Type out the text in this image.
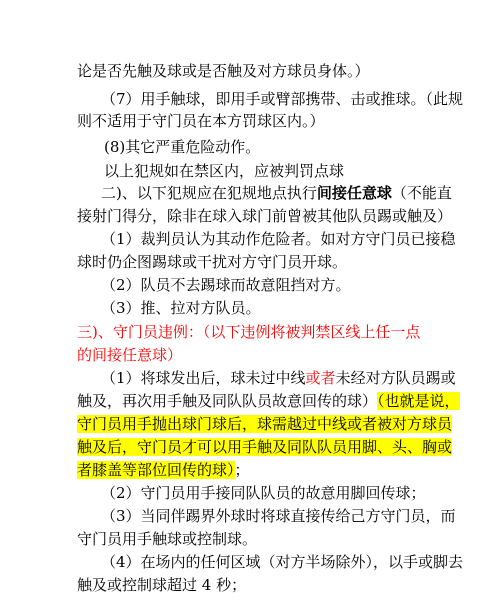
论是否先触及球或是否触及对方球员身体。）
（7）用手触球，即用手或臂部携带、击或推球。（此规
则不适用于守门员在本方罚球区内。）
(8)其它严重危险动作。
以上犯规如在禁区内，应被判罚点球
二)、以下犯规应在犯规地点执行间接任意球（不能直
接射门得分，除非在球入球门前曾被其他队员踢或触及）
（1）裁判员认为其动作危险者。如对方守门员已接稳
球时仍企图踢球或干扰对方守门员开球。
（2）队员不去踢球而故意阻挡对方。
（3）推、拉对方队员。
三)、守门员违例：（以下违例将被判禁区线上任一点
的间接任意球）
（1）将球发出后，球未过中线或者未经对方队员踢或
触及，再次用手触及同队队员故意回传的球）（也就是说，
守门员用手抛出球门球后，球需越过中线或者被对方球员
触及后，守门员才可以用手触及同队队员用脚、头、胸或
者膝盖等部位回传的球）；
（2）守门员用手接同队队员的故意用脚回传球；
（3）当同伴踢界外球时将球直接传给己方守门员，而
守门员用手触球或控制球。
（4）在场内的任何区域（对方半场除外），以手或脚去
触及或控制球超过 4 秒；
